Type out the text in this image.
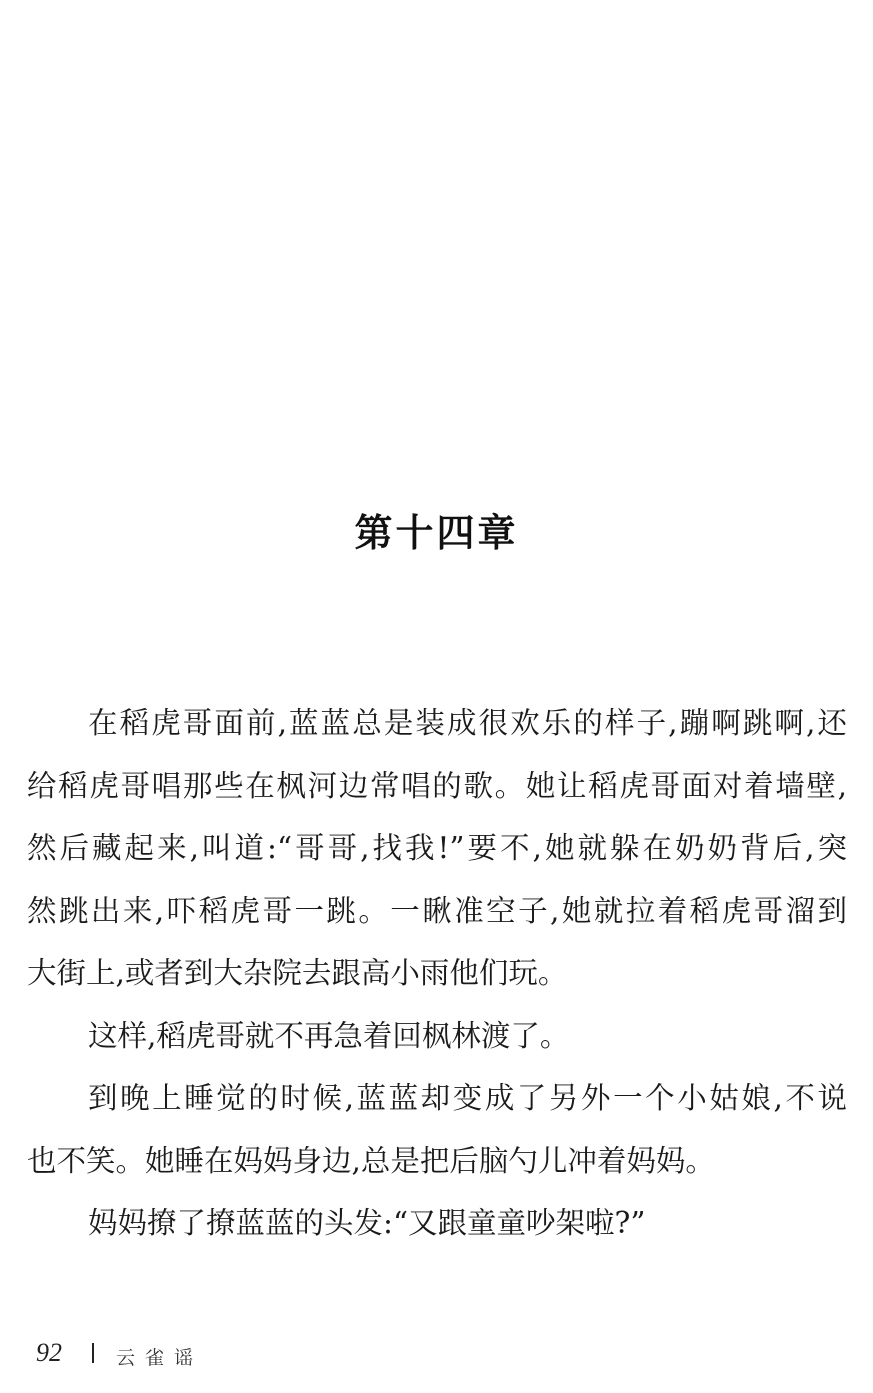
第十四章
在稻虎哥面前,蓝蓝总是装成很欢乐的样子,蹦啊跳啊,还
给稻虎哥唱那些在枫河边常唱的歌。她让稻虎哥面对着墙壁,
然后藏起来,叫道:“哥哥,找我!”要不,她就躲在奶奶背后,突
然跳出来,吓稻虎哥一跳。一瞅准空子,她就拉着稻虎哥溜到
大街上,或者到大杂院去跟高小雨他们玩。
这样,稻虎哥就不再急着回枫林渡了。
到晚上睡觉的时候,蓝蓝却变成了另外一个小姑娘,不说
也不笑。她睡在妈妈身边,总是把后脑勺儿冲着妈妈。
妈妈撩了撩蓝蓝的头发:“又跟童童吵架啦?”
92	云雀谣
